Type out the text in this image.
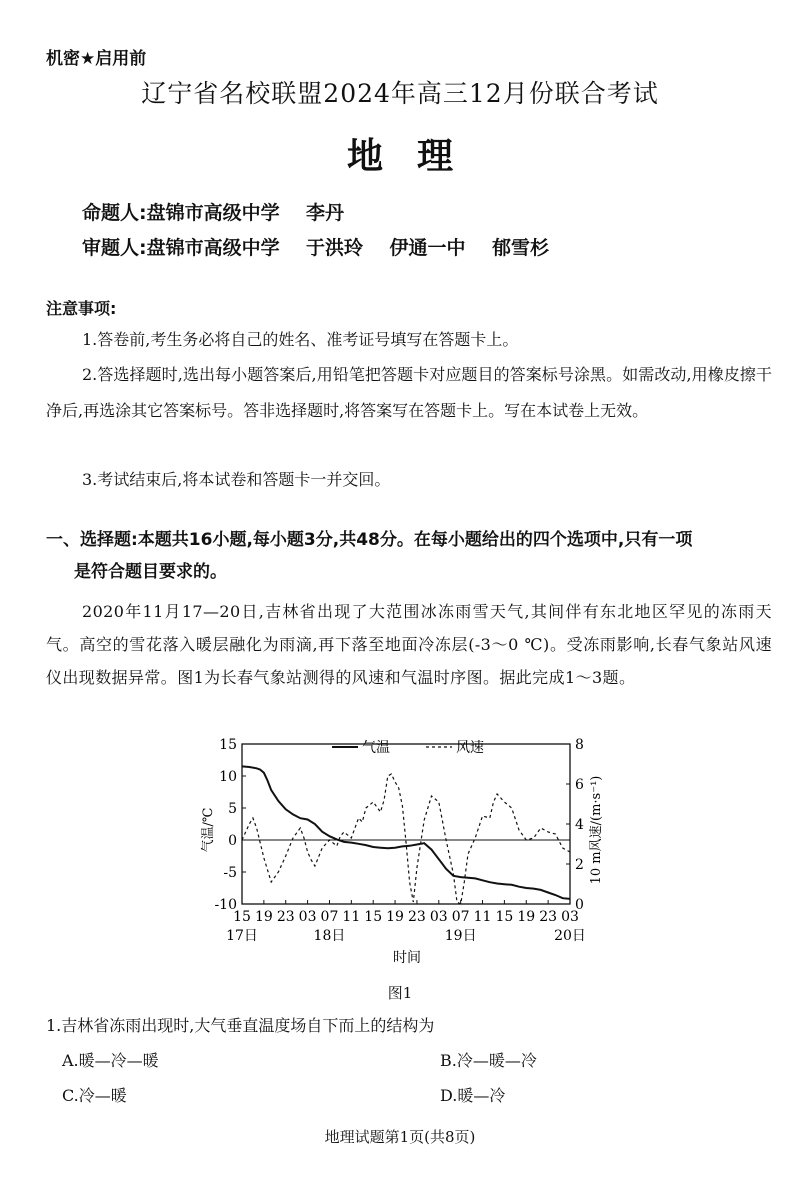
机密★启用前
辽宁省名校联盟2024年高三12月份联合考试
地理
命题人:盘锦市高级中学    李丹
审题人:盘锦市高级中学    于洪玲    伊通一中    郁雪杉
注意事项:
1.答卷前,考生务必将自己的姓名、准考证号填写在答题卡上。
2.答选择题时,选出每小题答案后,用铅笔把答题卡对应题目的答案标号涂黑。如需改动,用橡皮擦干净后,再选涂其它答案标号。答非选择题时,将答案写在答题卡上。写在本试卷上无效。
3.考试结束后,将本试卷和答题卡一并交回。
一、选择题:本题共16小题,每小题3分,共48分。在每小题给出的四个选项中,只有一项
是符合题目要求的。
2020年11月17—20日,吉林省出现了大范围冰冻雨雪天气,其间伴有东北地区罕见的冻雨天气。高空的雪花落入暖层融化为雨滴,再下落至地面冷冻层(-3～0 ℃)。受冻雨影响,长春气象站风速仪出现数据异常。图1为长春气象站测得的风速和气温时序图。据此完成1～3题。
15
10
5
0
-5
-10
8
6
4
2
0
15 19 23 03 07 11 15 19 23 03 07 11 15 19 23 03
17日	18日	19日	20日
气温	风速
气温/℃	10 m风速/(m·s⁻¹)
时间
图1
1.吉林省冻雨出现时,大气垂直温度场自下而上的结构为
A.暖—冷—暖	B.冷—暖—冷
C.冷—暖	D.暖—冷
地理试题第1页(共8页)
